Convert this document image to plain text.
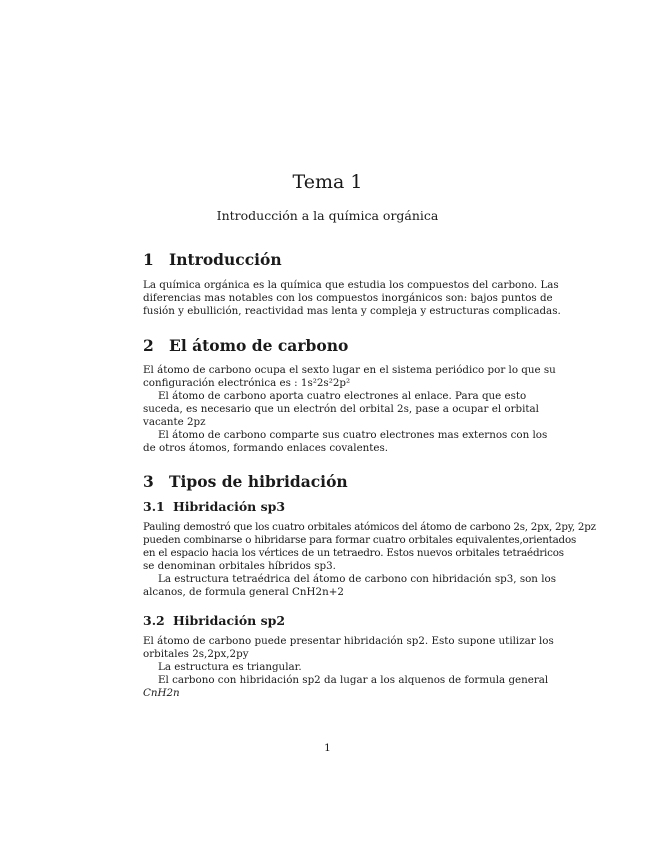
Tema 1
Introducción a la química orgánica
1 Introducción
La química orgánica es la química que estudia los compuestos del carbono. Las
diferencias mas notables con los compuestos inorgánicos son: bajos puntos de
fusión y ebullición, reactividad mas lenta y compleja y estructuras complicadas.
2 El átomo de carbono
El átomo de carbono ocupa el sexto lugar en el sistema periódico por lo que su
configuración electrónica es : 1s²2s²2p²
El átomo de carbono aporta cuatro electrones al enlace. Para que esto
suceda, es necesario que un electrón del orbital 2s, pase a ocupar el orbital
vacante 2pz
El átomo de carbono comparte sus cuatro electrones mas externos con los
de otros átomos, formando enlaces covalentes.
3 Tipos de hibridación
3.1 Hibridación sp3
Pauling demostró que los cuatro orbitales atómicos del átomo de carbono 2s, 2px, 2py, 2pz
pueden combinarse o hibridarse para formar cuatro orbitales equivalentes,orientados
en el espacio hacia los vértices de un tetraedro. Estos nuevos orbitales tetraédricos
se denominan orbitales híbridos sp3.
La estructura tetraédrica del átomo de carbono con hibridación sp3, son los
alcanos, de formula general CnH2n+2
3.2 Hibridación sp2
El átomo de carbono puede presentar hibridación sp2. Esto supone utilizar los
orbitales 2s,2px,2py
La estructura es triangular.
El carbono con hibridación sp2 da lugar a los alquenos de formula general
CnH2n
1
